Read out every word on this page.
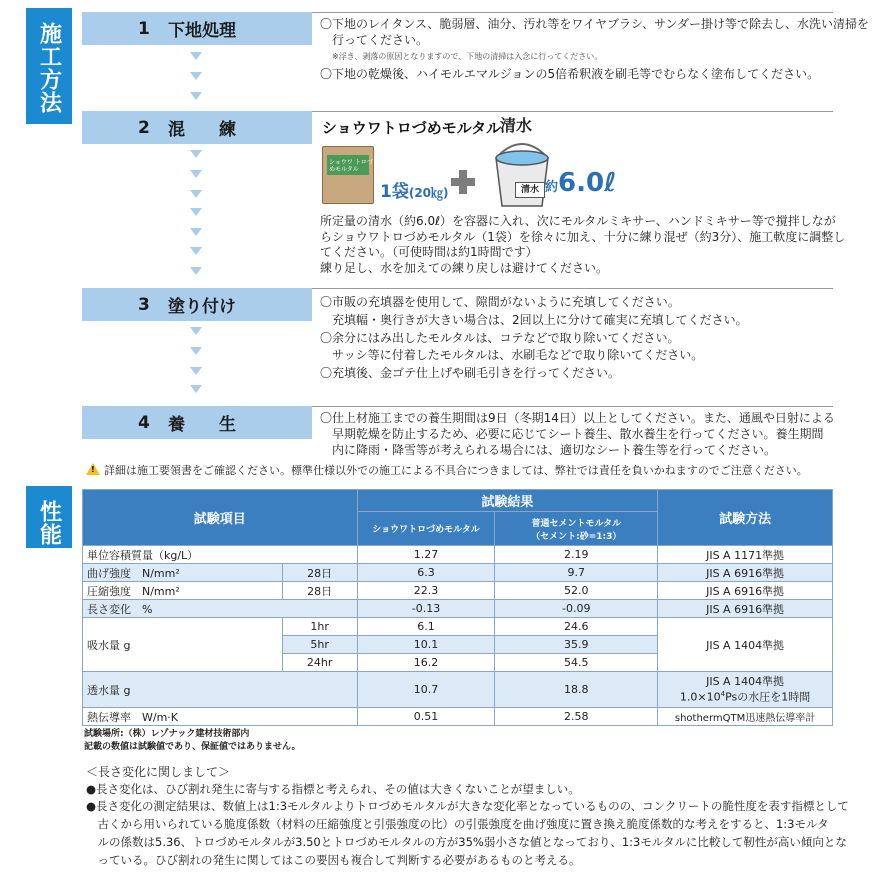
施工方法
性能
1 下地処理	〇下地のレイタンス、脆弱層、油分、汚れ等をワイヤブラシ、サンダー掛け等で除去し、水洗い清掃を
　行ってください。
※浮き、剥落の原因となりますので、下地の清掃は入念に行ってください。
〇下地の乾燥後、ハイモルエマルジョンの5倍希釈液を刷毛等でむらなく塗布してください。
2 混　　練	ショウワトロづめモルタル
ショウワ トロづめモルタル
1袋(20㎏)
清水
清水 約6.0ℓ
所定量の清水（約6.0ℓ）を容器に入れ、次にモルタルミキサー、ハンドミキサー等で撹拌しなが
らショウワトロづめモルタル（1袋）を徐々に加え、十分に練り混ぜ（約3分）、施工軟度に調整し
てください。（可使時間は約1時間です）
練り足し、水を加えての練り戻しは避けてください。
3 塗り付け	〇市販の充填器を使用して、隙間がないように充填してください。
　充填幅・奥行きが大きい場合は、2回以上に分けて確実に充填してください。
〇余分にはみ出したモルタルは、コテなどで取り除いてください。
　サッシ等に付着したモルタルは、水刷毛などで取り除いてください。
〇充填後、金ゴテ仕上げや刷毛引きを行ってください。
4 養　　生	〇仕上材施工までの養生期間は9日（冬期14日）以上としてください。また、通風や日射による
　早期乾燥を防止するため、必要に応じてシート養生、散水養生を行ってください。養生期間
　内に降雨・降雪等が考えられる場合には、適切なシート養生等を行ってください。
!詳細は施工要領書をご確認ください。標準仕様以外での施工による不具合につきましては、弊社では責任を負いかねますのでご注意ください。
試験項目		試験結果		試験方法
		ショウワトロづめモルタル	普通セメントモルタル
（セメント:砂=1:3）	
単位容積質量（kg/L）		1.27	2.19	JIS A 1171準拠
曲げ強度　N/mm²	28日	6.3	9.7	JIS A 6916準拠
圧縮強度　N/mm²	28日	22.3	52.0	JIS A 6916準拠
長さ変化　%		-0.13	-0.09	JIS A 6916準拠
吸水量 g	1hr	6.1	24.6	JIS A 1404準拠
	5hr	10.1	35.9	
	24hr	16.2	54.5	
透水量 g		10.7	18.8	JIS A 1404準拠
$1.0\times 10^4Ps$の水圧を1時間
熱伝導率　W/m·K		0.51	2.58	shothermQTM迅速熱伝導率計
試験場所:（株）レゾナック建材技術部内
記載の数値は試験値であり、保証値ではありません。
＜長さ変化に関しまして＞
●長さ変化は、ひび割れ発生に寄与する指標と考えられ、その値は大きくないことが望ましい。
●長さ変化の測定結果は、数値上は1:3モルタルよりトロづめモルタルが大きな変化率となっているものの、コンクリートの脆性度を表す指標として
　古くから用いられている脆度係数（材料の圧縮強度と引張強度の比）の引張強度を曲げ強度に置き換え脆度係数的な考えをすると、1:3モルタ
　ルの係数は5.36、トロづめモルタルが3.50とトロづめモルタルの方が35%弱小さな値となっており、1:3モルタルに比較して靭性が高い傾向とな
　っている。ひび割れの発生に関してはこの要因も複合して判断する必要があるものと考える。
